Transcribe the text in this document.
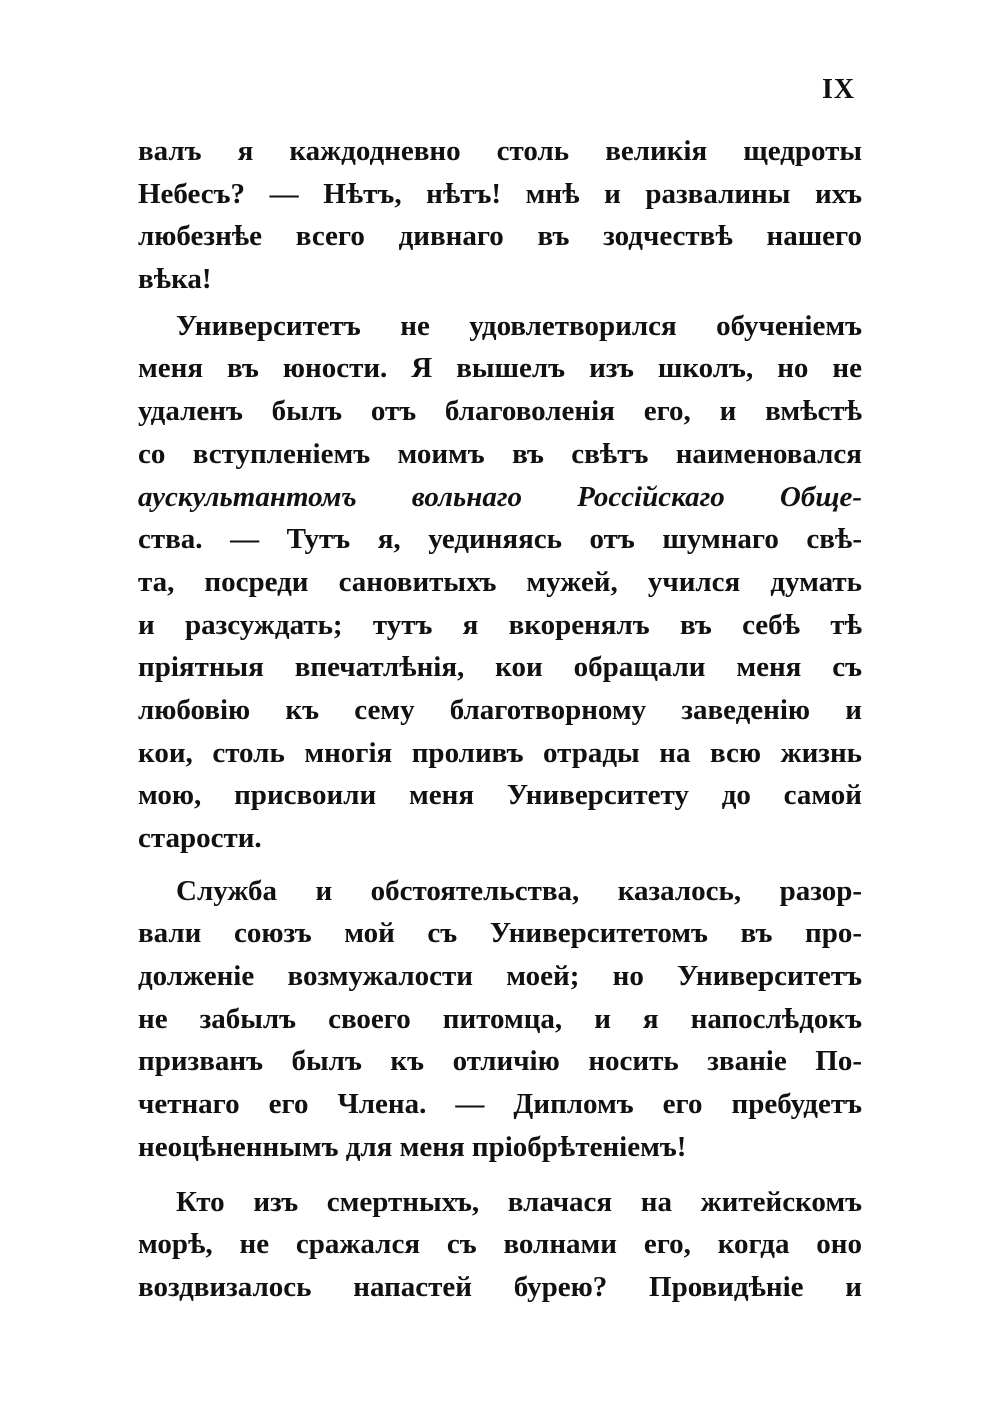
IX
валъ я каждодневно столь великія щедроты
Небесъ? — Нѣтъ, нѣтъ! мнѣ и развалины ихъ
любезнѣе всего дивнаго въ зодчествѣ нашего
вѣка!
Университетъ не удовлетворился обученіемъ
меня въ юности. Я вышелъ изъ школъ, но не
удаленъ былъ отъ благоволенія его, и вмѣстѣ
со вступленіемъ моимъ въ свѣтъ наименовался
аускультантомъ вольнаго Россійскаго Обще-
ства. — Тутъ я, уединяясь отъ шумнаго свѣ-
та, посреди сановитыхъ мужей, учился думать
и разсуждать; тутъ я вкоренялъ въ себѣ тѣ
пріятныя впечатлѣнія, кои обращали меня съ
любовію къ сему благотворному заведенію и
кои, столь многія проливъ отрады на всю жизнь
мою, присвоили меня Университету до самой
старости.
Служба и обстоятельства, казалось, разор-
вали союзъ мой съ Университетомъ въ про-
долженіе возмужалости моей; но Университетъ
не забылъ своего питомца, и я напослѣдокъ
призванъ былъ къ отличію носить званіе По-
четнаго его Члена. — Дипломъ его пребудетъ
неоцѣненнымъ для меня пріобрѣтеніемъ!
Кто изъ смертныхъ, влачася на житейскомъ
морѣ, не сражался съ волнами его, когда оно
воздвизалось напастей бурею? Провидѣніе и
